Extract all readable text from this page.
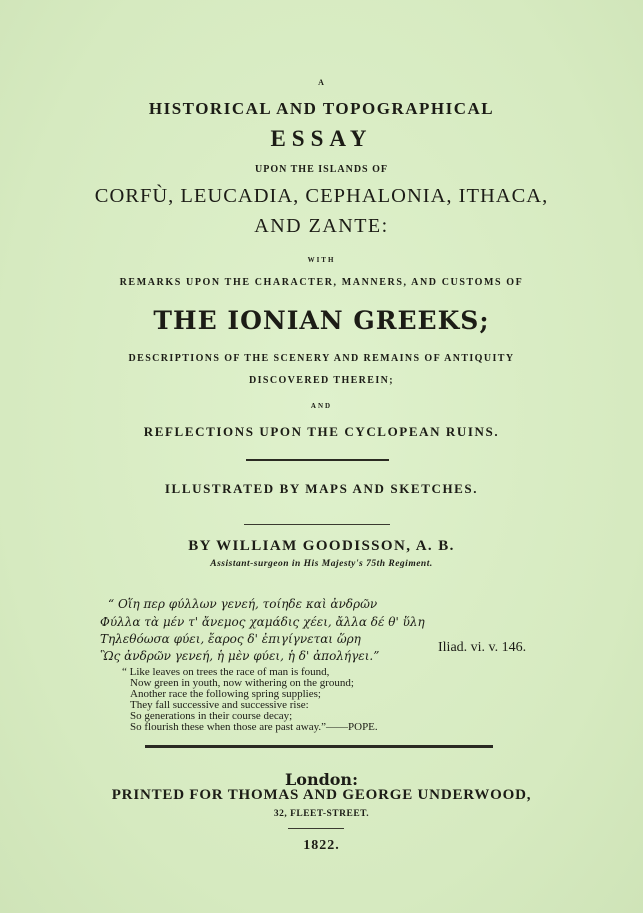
A
HISTORICAL AND TOPOGRAPHICAL
ESSAY
UPON THE ISLANDS OF
CORFÙ, LEUCADIA, CEPHALONIA, ITHACA,
AND ZANTE:
WITH
REMARKS UPON THE CHARACTER, MANNERS, AND CUSTOMS OF
THE IONIAN GREEKS;
DESCRIPTIONS OF THE SCENERY AND REMAINS OF ANTIQUITY
DISCOVERED THEREIN;
AND
REFLECTIONS UPON THE CYCLOPEAN RUINS.
ILLUSTRATED BY MAPS AND SKETCHES.
BY WILLIAM GOODISSON, A. B.
Assistant-surgeon in His Majesty's 75th Regiment.
“ Οἵη περ φύλλων γενεή, τοίηδε καὶ ἀνδρῶν
Φύλλα τὰ μέν τ' ἄνεμος χαμάδις χέει, ἄλλα δέ θ' ὕλη
Τηλεθόωσα φύει, ἔαρος δ' ἐπιγίγνεται ὥρη
Ὣς ἀνδρῶν γενεή, ἡ μὲν φύει, ἡ δ' ἀπολήγει.”
Iliad. vi. v. 146.
“ Like leaves on trees the race of man is found,
Now green in youth, now withering on the ground;
Another race the following spring supplies;
They fall successive and successive rise:
So generations in their course decay;
So flourish these when those are past away.”——POPE.
London:
PRINTED FOR THOMAS AND GEORGE UNDERWOOD,
32, FLEET-STREET.
1822.
